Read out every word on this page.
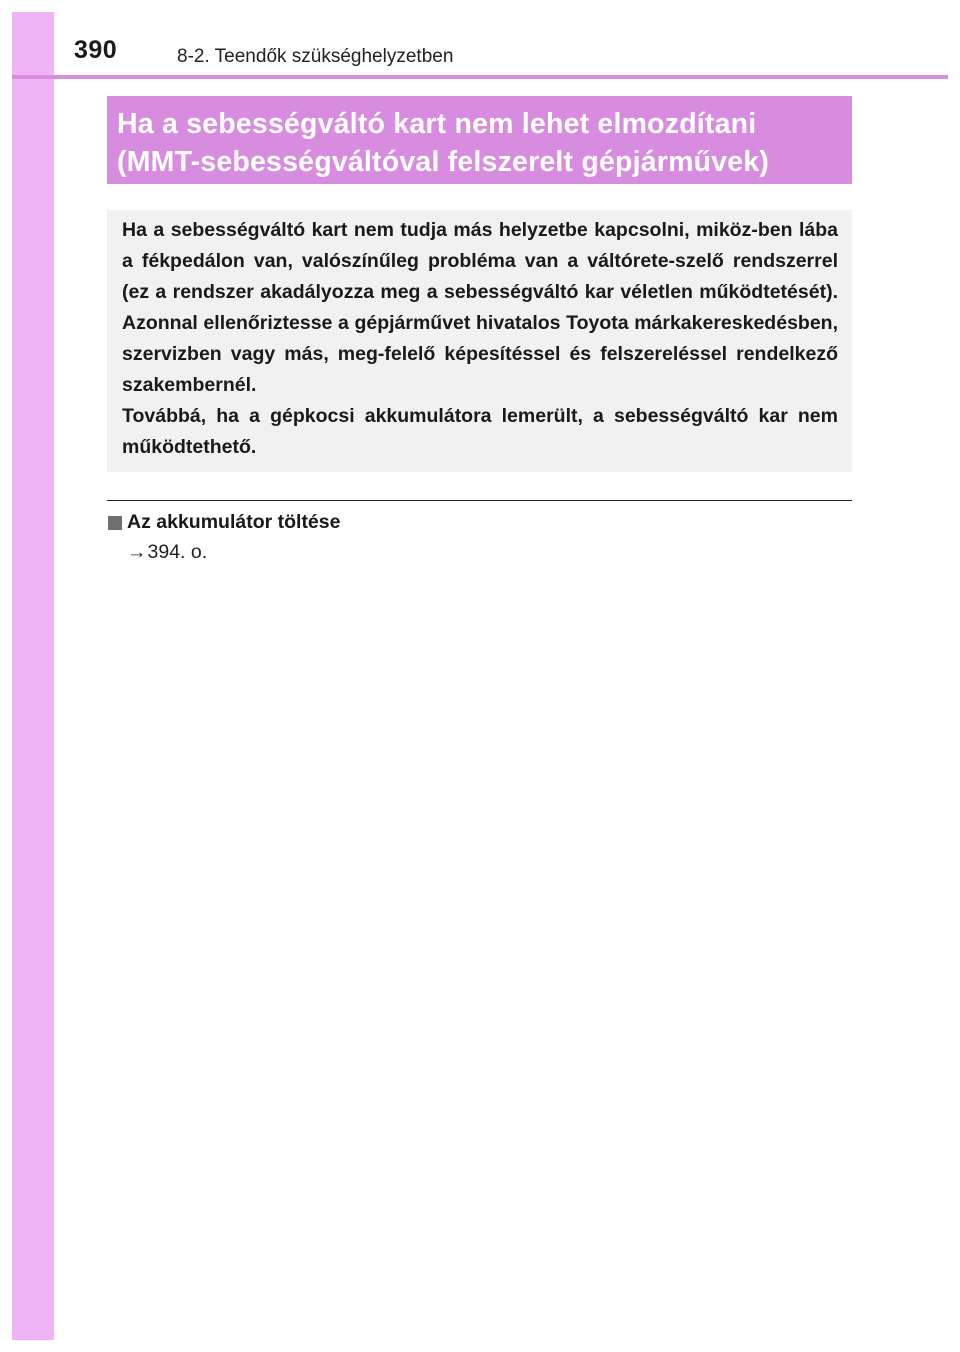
390	8-2. Teendők szükséghelyzetben
Ha a sebességváltó kart nem lehet elmozdítani
(MMT-sebességváltóval felszerelt gépjárművek)

Ha a sebességváltó kart nem tudja más helyzetbe kapcsolni, miköz-ben lába a fékpedálon van, valószínűleg probléma van a váltórete-szelő rendszerrel (ez a rendszer akadályozza meg a sebességváltó kar véletlen működtetését). Azonnal ellenőriztesse a gépjárművet hivatalos Toyota márkakereskedésben, szervizben vagy más, meg-felelő képesítéssel és felszereléssel rendelkező szakembernél.

Továbbá, ha a gépkocsi akkumulátora lemerült, a sebességváltó kar nem működtethető.

Az akkumulátor töltése
→394. o.
